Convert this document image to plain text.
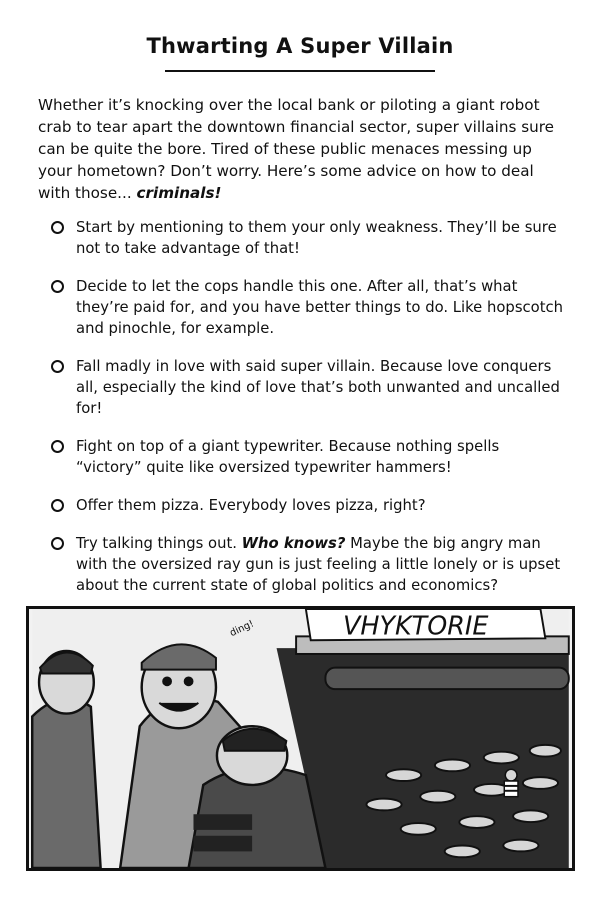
Thwarting A Super Villain

Whether it’s knocking over the local bank or piloting a giant robot crab to tear apart the downtown financial sector, super villains sure can be quite the bore. Tired of these public menaces messing up your hometown? Don’t worry. Here’s some advice on how to deal with those... criminals!

Start by mentioning to them your only weakness. They’ll be sure not to take advantage of that!
Decide to let the cops handle this one. After all, that’s what they’re paid for, and you have better things to do. Like hopscotch and pinochle, for example.
Fall madly in love with said super villain. Because love conquers all, especially the kind of love that’s both unwanted and uncalled for!
Fight on top of a giant typewriter. Because nothing spells “victory” quite like oversized typewriter hammers!
Offer them pizza. Everybody loves pizza, right?
Try talking things out. Who knows? Maybe the big angry man with the oversized ray gun is just feeling a little lonely or is upset about the current state of global politics and economics?
VHYKTORIE
ding!
